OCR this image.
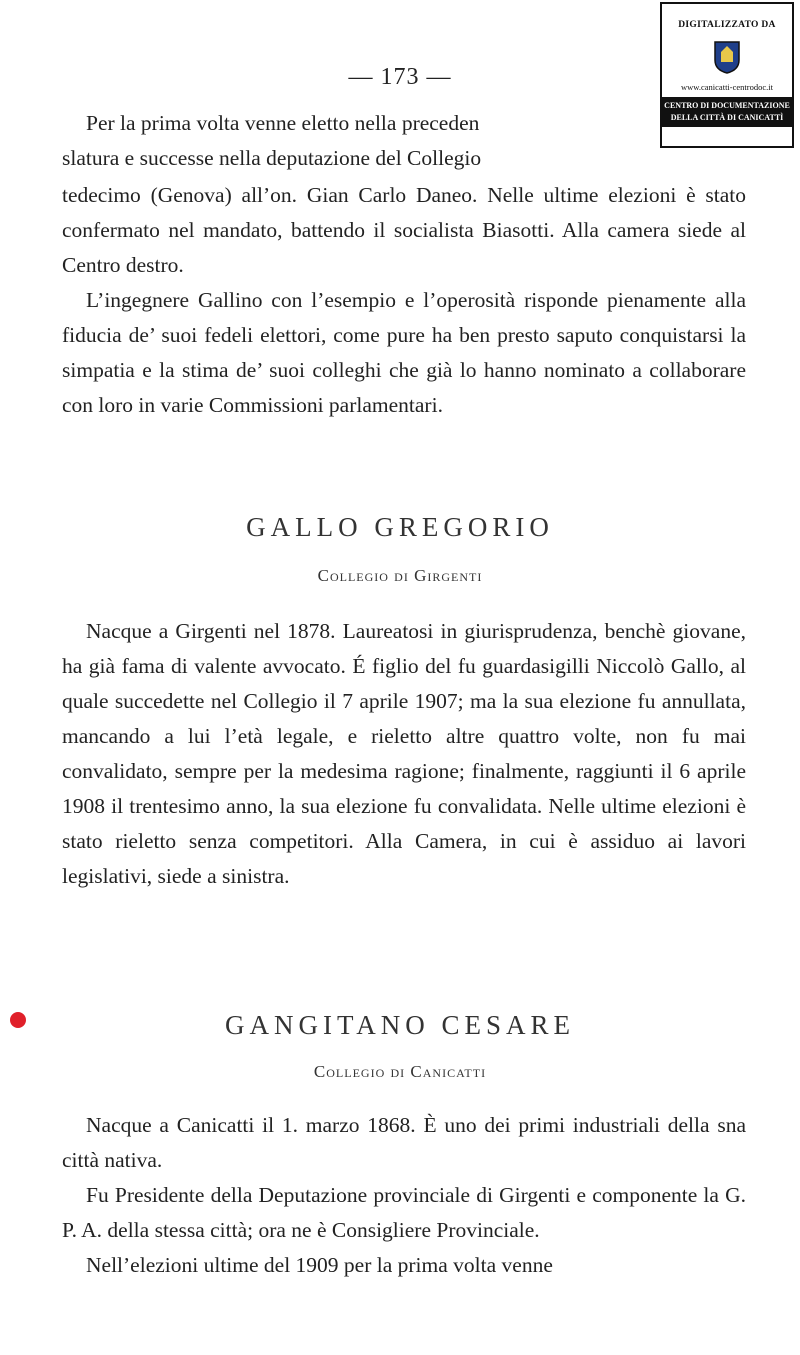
— 173 —
DIGITALIZZATO DA
www.canicatti-centrodoc.it
CENTRO DI DOCUMENTAZIONE
DELLA CITTÀ DI CANICATTÌ

Per la prima volta venne eletto nella preceden

slatura e successe nella deputazione del Collegio

tedecimo (Genova) all’on. Gian Carlo Daneo. Nelle ultime elezioni è stato confermato nel mandato, battendo il socialista Biasotti. Alla camera siede al Centro destro.

L’ingegnere Gallino con l’esempio e l’operosità risponde pienamente alla fiducia de’ suoi fedeli elettori, come pure ha ben presto saputo conquistarsi la simpatia e la stima de’ suoi colleghi che già lo hanno nominato a collaborare con loro in varie Commissioni parlamentari.

GALLO GREGORIO
Collegio di Girgenti

Nacque a Girgenti nel 1878. Laureatosi in giurisprudenza, benchè giovane, ha già fama di valente avvocato. É figlio del fu guardasigilli Niccolò Gallo, al quale succedette nel Collegio il 7 aprile 1907; ma la sua elezione fu annullata, mancando a lui l’età legale, e rieletto altre quattro volte, non fu mai convalidato, sempre per la medesima ragione; finalmente, raggiunti il 6 aprile 1908 il trentesimo anno, la sua elezione fu convalidata. Nelle ultime elezioni è stato rieletto senza competitori. Alla Camera, in cui è assiduo ai lavori legislativi, siede a sinistra.

GANGITANO CESARE
Collegio di Canicatti

Nacque a Canicatti il 1. marzo 1868. È uno dei primi industriali della sna città nativa.

Fu Presidente della Deputazione provinciale di Girgenti e componente la G. P. A. della stessa città; ora ne è Consigliere Provinciale.

Nell’elezioni ultime del 1909 per la prima volta venne
